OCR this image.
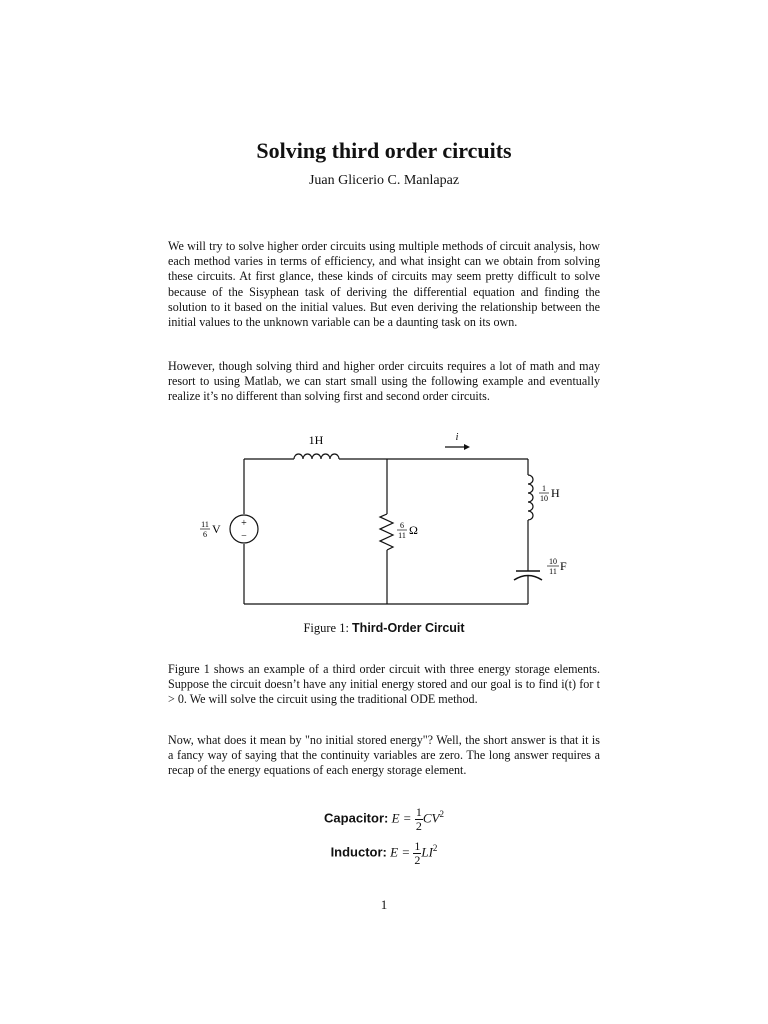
Solving third order circuits
Juan Glicerio C. Manlapaz

We will try to solve higher order circuits using multiple methods of circuit analysis, how each method varies in terms of efficiency, and what insight can we obtain from solving these circuits. At first glance, these kinds of circuits may seem pretty difficult to solve because of the Sisyphean task of deriving the differential equation and finding the solution to it based on the initial values. But even deriving the relationship between the initial values to the unknown variable can be a daunting task on its own.

However, though solving third and higher order circuits requires a lot of math and may resort to using Matlab, we can start small using the following example and eventually realize it’s no different than solving first and second order circuits.

1H	i
+
−
11
6 V	6
11 Ω
1
10 H
10
11 F
Figure 1: Third-Order Circuit

Figure 1 shows an example of a third order circuit with three energy storage elements. Suppose the circuit doesn’t have any initial energy stored and our goal is to find i(t) for t > 0. We will solve the circuit using the traditional ODE method.

Now, what does it mean by "no initial stored energy"? Well, the short answer is that it is a fancy way of saying that the continuity variables are zero. The long answer requires a recap of the energy equations of each energy storage element.

Capacitor: $E = \frac{1}{2} CV^2$
Inductor: $E = \frac{1}{2} LI^2$
1
